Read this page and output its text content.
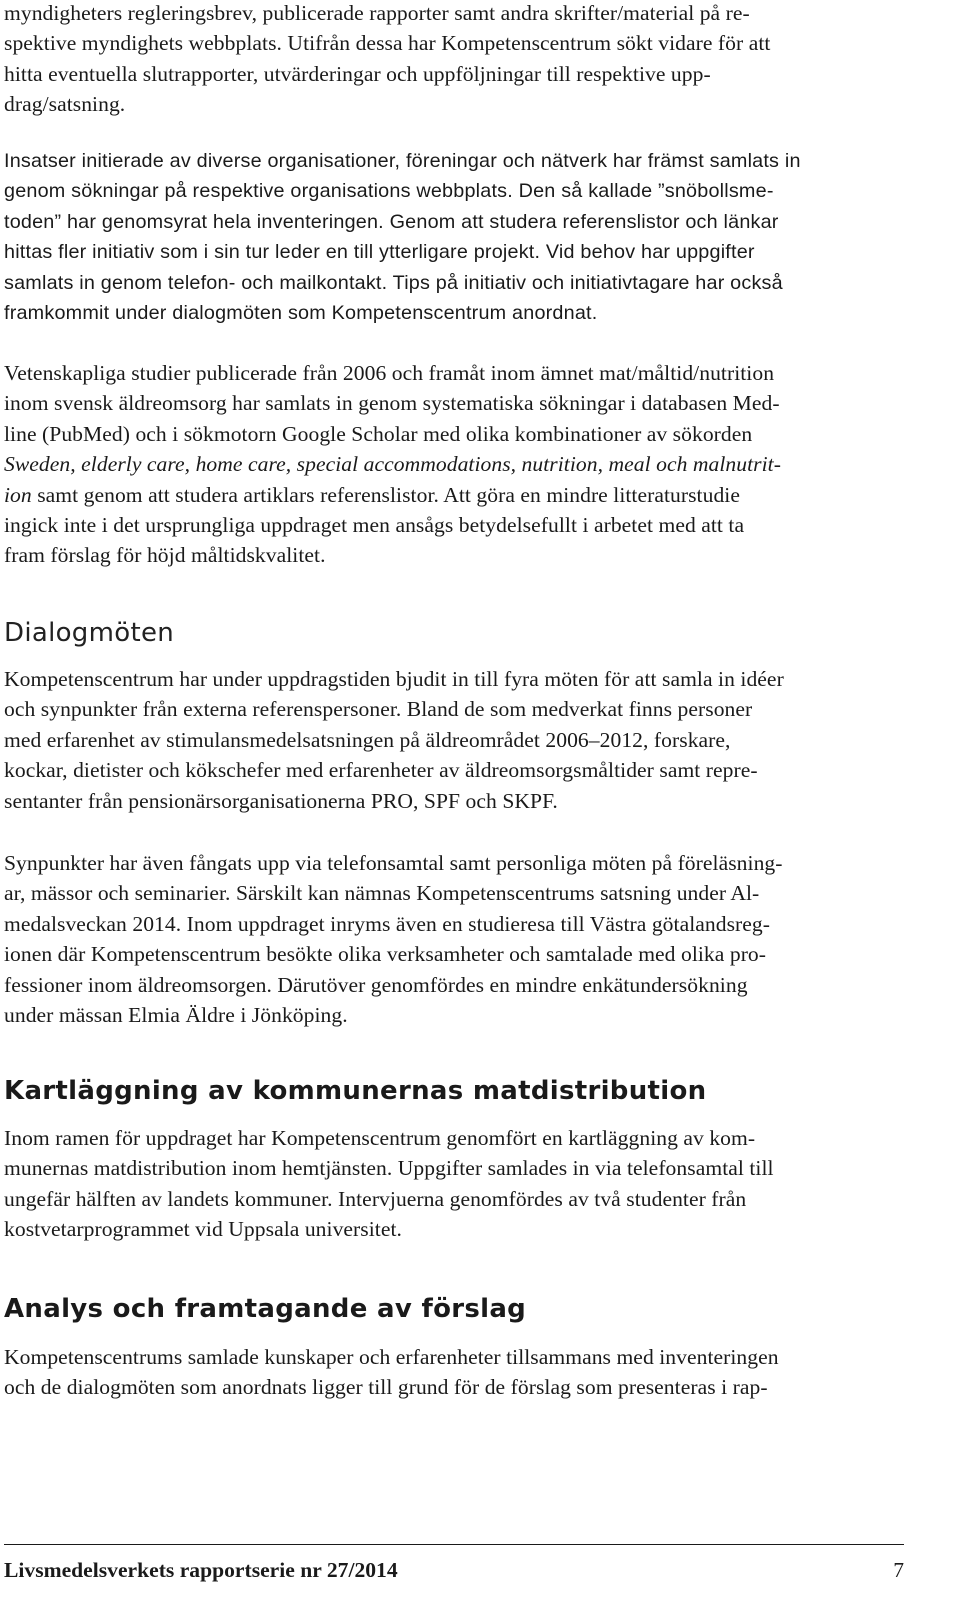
myndigheters regleringsbrev, publicerade rapporter samt andra skrifter/material på re-
spektive myndighets webbplats. Utifrån dessa har Kompetenscentrum sökt vidare för att
hitta eventuella slutrapporter, utvärderingar och uppföljningar till respektive upp-
drag/satsning.

Insatser initierade av diverse organisationer, föreningar och nätverk har främst samlats in
genom sökningar på respektive organisations webbplats. Den så kallade ”snöbollsme-
toden” har genomsyrat hela inventeringen. Genom att studera referenslistor och länkar
hittas fler initiativ som i sin tur leder en till ytterligare projekt. Vid behov har uppgifter
samlats in genom telefon- och mailkontakt. Tips på initiativ och initiativtagare har också
framkommit under dialogmöten som Kompetenscentrum anordnat.

Vetenskapliga studier publicerade från 2006 och framåt inom ämnet mat/måltid/nutrition
inom svensk äldreomsorg har samlats in genom systematiska sökningar i databasen Med-
line (PubMed) och i sökmotorn Google Scholar med olika kombinationer av sökorden
Sweden, elderly care, home care, special accommodations, nutrition, meal och malnutrit-
ion samt genom att studera artiklars referenslistor. Att göra en mindre litteraturstudie
ingick inte i det ursprungliga uppdraget men ansågs betydelsefullt i arbetet med att ta
fram förslag för höjd måltidskvalitet.

Dialogmöten

Kompetenscentrum har under uppdragstiden bjudit in till fyra möten för att samla in idéer
och synpunkter från externa referenspersoner. Bland de som medverkat finns personer
med erfarenhet av stimulansmedelsatsningen på äldreområdet 2006–2012, forskare,
kockar, dietister och kökschefer med erfarenheter av äldreomsorgsmåltider samt repre-
sentanter från pensionärsorganisationerna PRO, SPF och SKPF.

Synpunkter har även fångats upp via telefonsamtal samt personliga möten på föreläsning-
ar, mässor och seminarier. Särskilt kan nämnas Kompetenscentrums satsning under Al-
medalsveckan 2014. Inom uppdraget inryms även en studieresa till Västra götalandsreg-
ionen där Kompetenscentrum besökte olika verksamheter och samtalade med olika pro-
fessioner inom äldreomsorgen. Därutöver genomfördes en mindre enkätundersökning
under mässan Elmia Äldre i Jönköping.

Kartläggning av kommunernas matdistribution

Inom ramen för uppdraget har Kompetenscentrum genomfört en kartläggning av kom-
munernas matdistribution inom hemtjänsten. Uppgifter samlades in via telefonsamtal till
ungefär hälften av landets kommuner. Intervjuerna genomfördes av två studenter från
kostvetarprogrammet vid Uppsala universitet.

Analys och framtagande av förslag

Kompetenscentrums samlade kunskaper och erfarenheter tillsammans med inventeringen
och de dialogmöten som anordnats ligger till grund för de förslag som presenteras i rap-

Livsmedelsverkets rapportserie nr 27/2014	7
